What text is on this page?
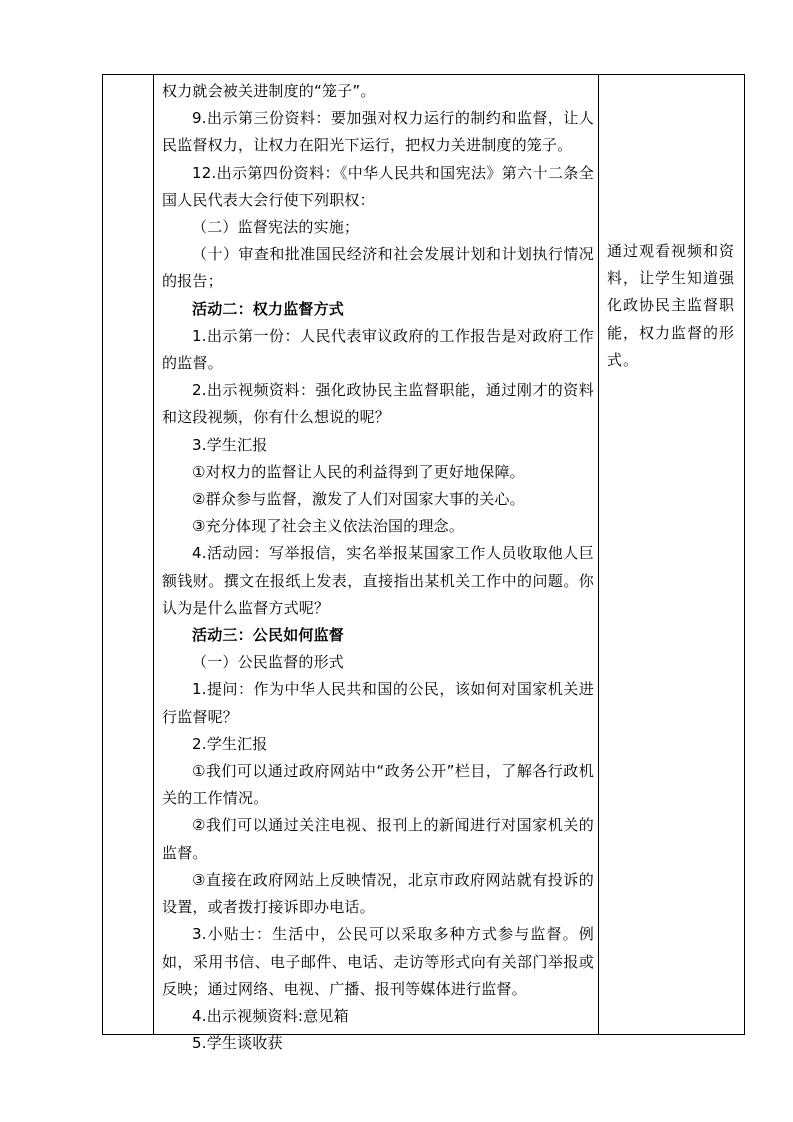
权力就会被关进制度的“笼子”。

9.出示第三份资料：要加强对权力运行的制约和监督，让人民监督权力，让权力在阳光下运行，把权力关进制度的笼子。

12.出示第四份资料：《中华人民共和国宪法》第六十二条全国人民代表大会行使下列职权：

（二）监督宪法的实施；

（十）审查和批准国民经济和社会发展计划和计划执行情况的报告；

活动二：权力监督方式

1.出示第一份：人民代表审议政府的工作报告是对政府工作的监督。

2.出示视频资料：强化政协民主监督职能，通过刚才的资料和这段视频，你有什么想说的呢？

3.学生汇报

①对权力的监督让人民的利益得到了更好地保障。

②群众参与监督，激发了人们对国家大事的关心。

③充分体现了社会主义依法治国的理念。

4.活动园：写举报信，实名举报某国家工作人员收取他人巨额钱财。撰文在报纸上发表，直接指出某机关工作中的问题。你认为是什么监督方式呢？

活动三：公民如何监督

（一）公民监督的形式

1.提问：作为中华人民共和国的公民，该如何对国家机关进行监督呢？

2.学生汇报

①我们可以通过政府网站中“政务公开”栏目，了解各行政机关的工作情况。

②我们可以通过关注电视、报刊上的新闻进行对国家机关的监督。

③直接在政府网站上反映情况，北京市政府网站就有投诉的设置，或者拨打接诉即办电话。

3.小贴士：生活中，公民可以采取多种方式参与监督。例如，采用书信、电子邮件、电话、走访等形式向有关部门举报或反映；通过网络、电视、广播、报刊等媒体进行监督。

4.出示视频资料:意见箱

5.学生谈收获

通过观看视频和资料，让学生知道强化政协民主监督职能，权力监督的形式。
